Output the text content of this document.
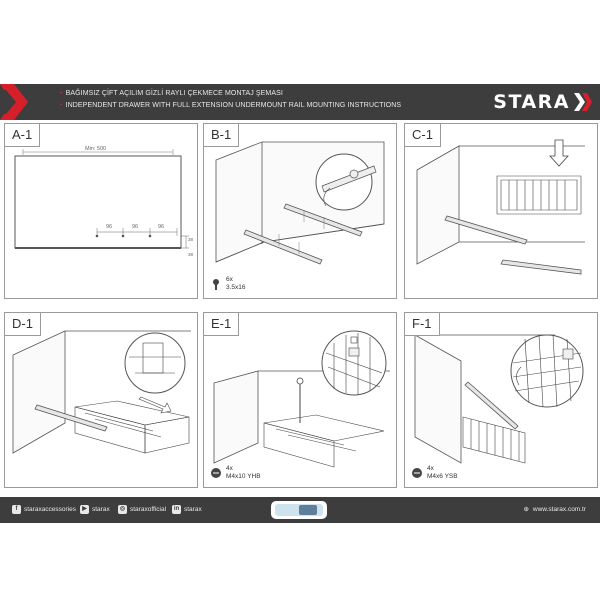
• BAĞIMSIZ ÇİFT AÇILIM GİZLİ RAYLI ÇEKMECE MONTAJ ŞEMASI
• INDEPENDENT DRAWER WITH FULL EXTENSION UNDERMOUNT RAIL MOUNTING INSTRUCTIONS	STARA
A-1
Min: 500
96	96	96
38
38
B-1
6x
3.5x16
C-1
D-1	E-1
4x
M4x10 YHB
F-1
4x
M4x6 YSB
f	staraxaccessories	▶ starax	◎ staraxofficial	in starax	⊕ www.starax.com.tr
